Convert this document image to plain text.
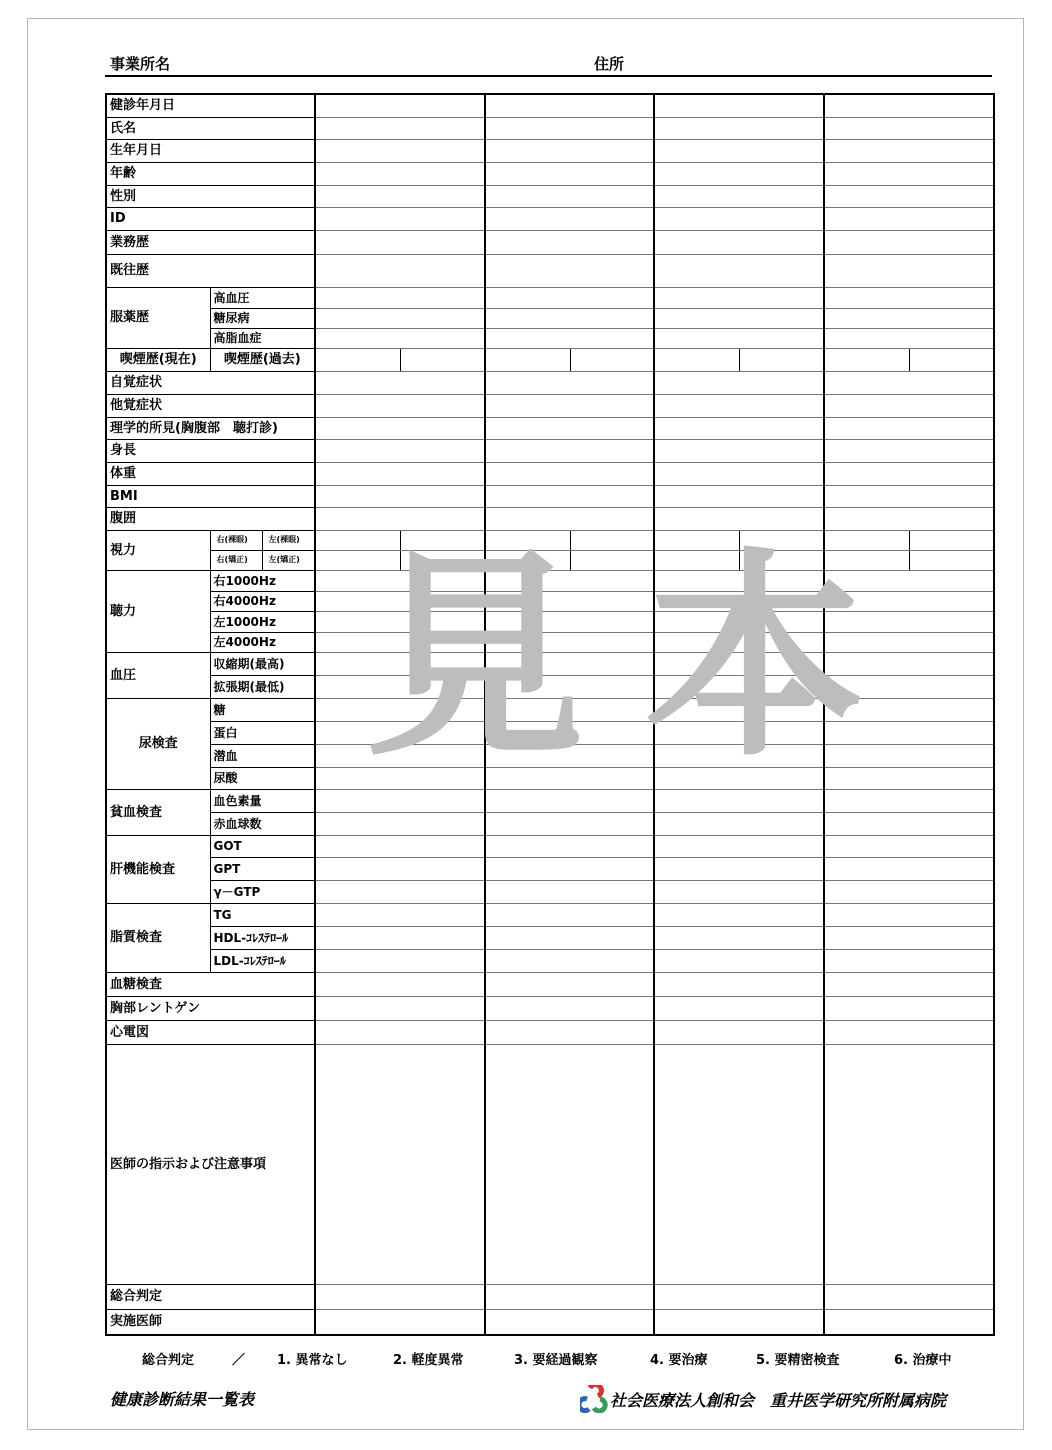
事業所名	住所
健診年月日										
氏名										
生年月日										
年齢										
性別										
ID										
業務歴										
既往歴										
服薬歴	高血圧									
	糖尿病									
	高脂血症									
喫煙歴(現在)	喫煙歴(過去)									
自覚症状										
他覚症状										
理学的所見(胸腹部　聴打診)										
身長										
体重										
BMI										
腹囲										
視力	右(裸眼)	左(裸眼)								
	右(矯正)	左(矯正)								
聴力	右1000Hz									
	右4000Hz									
	左1000Hz									
	左4000Hz									
血圧	収縮期(最高)									
	拡張期(最低)									
尿検査	糖									
	蛋白									
	潜血									
	尿酸									
貧血検査	血色素量									
	赤血球数									
肝機能検査	GOT									
	GPT									
	γ－GTP									
脂質検査	TG									
	HDL-ｺﾚｽﾃﾛｰﾙ									
	LDL-ｺﾚｽﾃﾛｰﾙ									
血糖検査										
胸部レントゲン										
心電図										
医師の指示および注意事項										
総合判定										
実施医師										
見本
総合判定	／ 1. 異常なし	2. 軽度異常	3. 要経過観察	4. 要治療	5. 要精密検査	6. 治療中
健康診断結果一覧表	社会医療法人創和会　重井医学研究所附属病院
